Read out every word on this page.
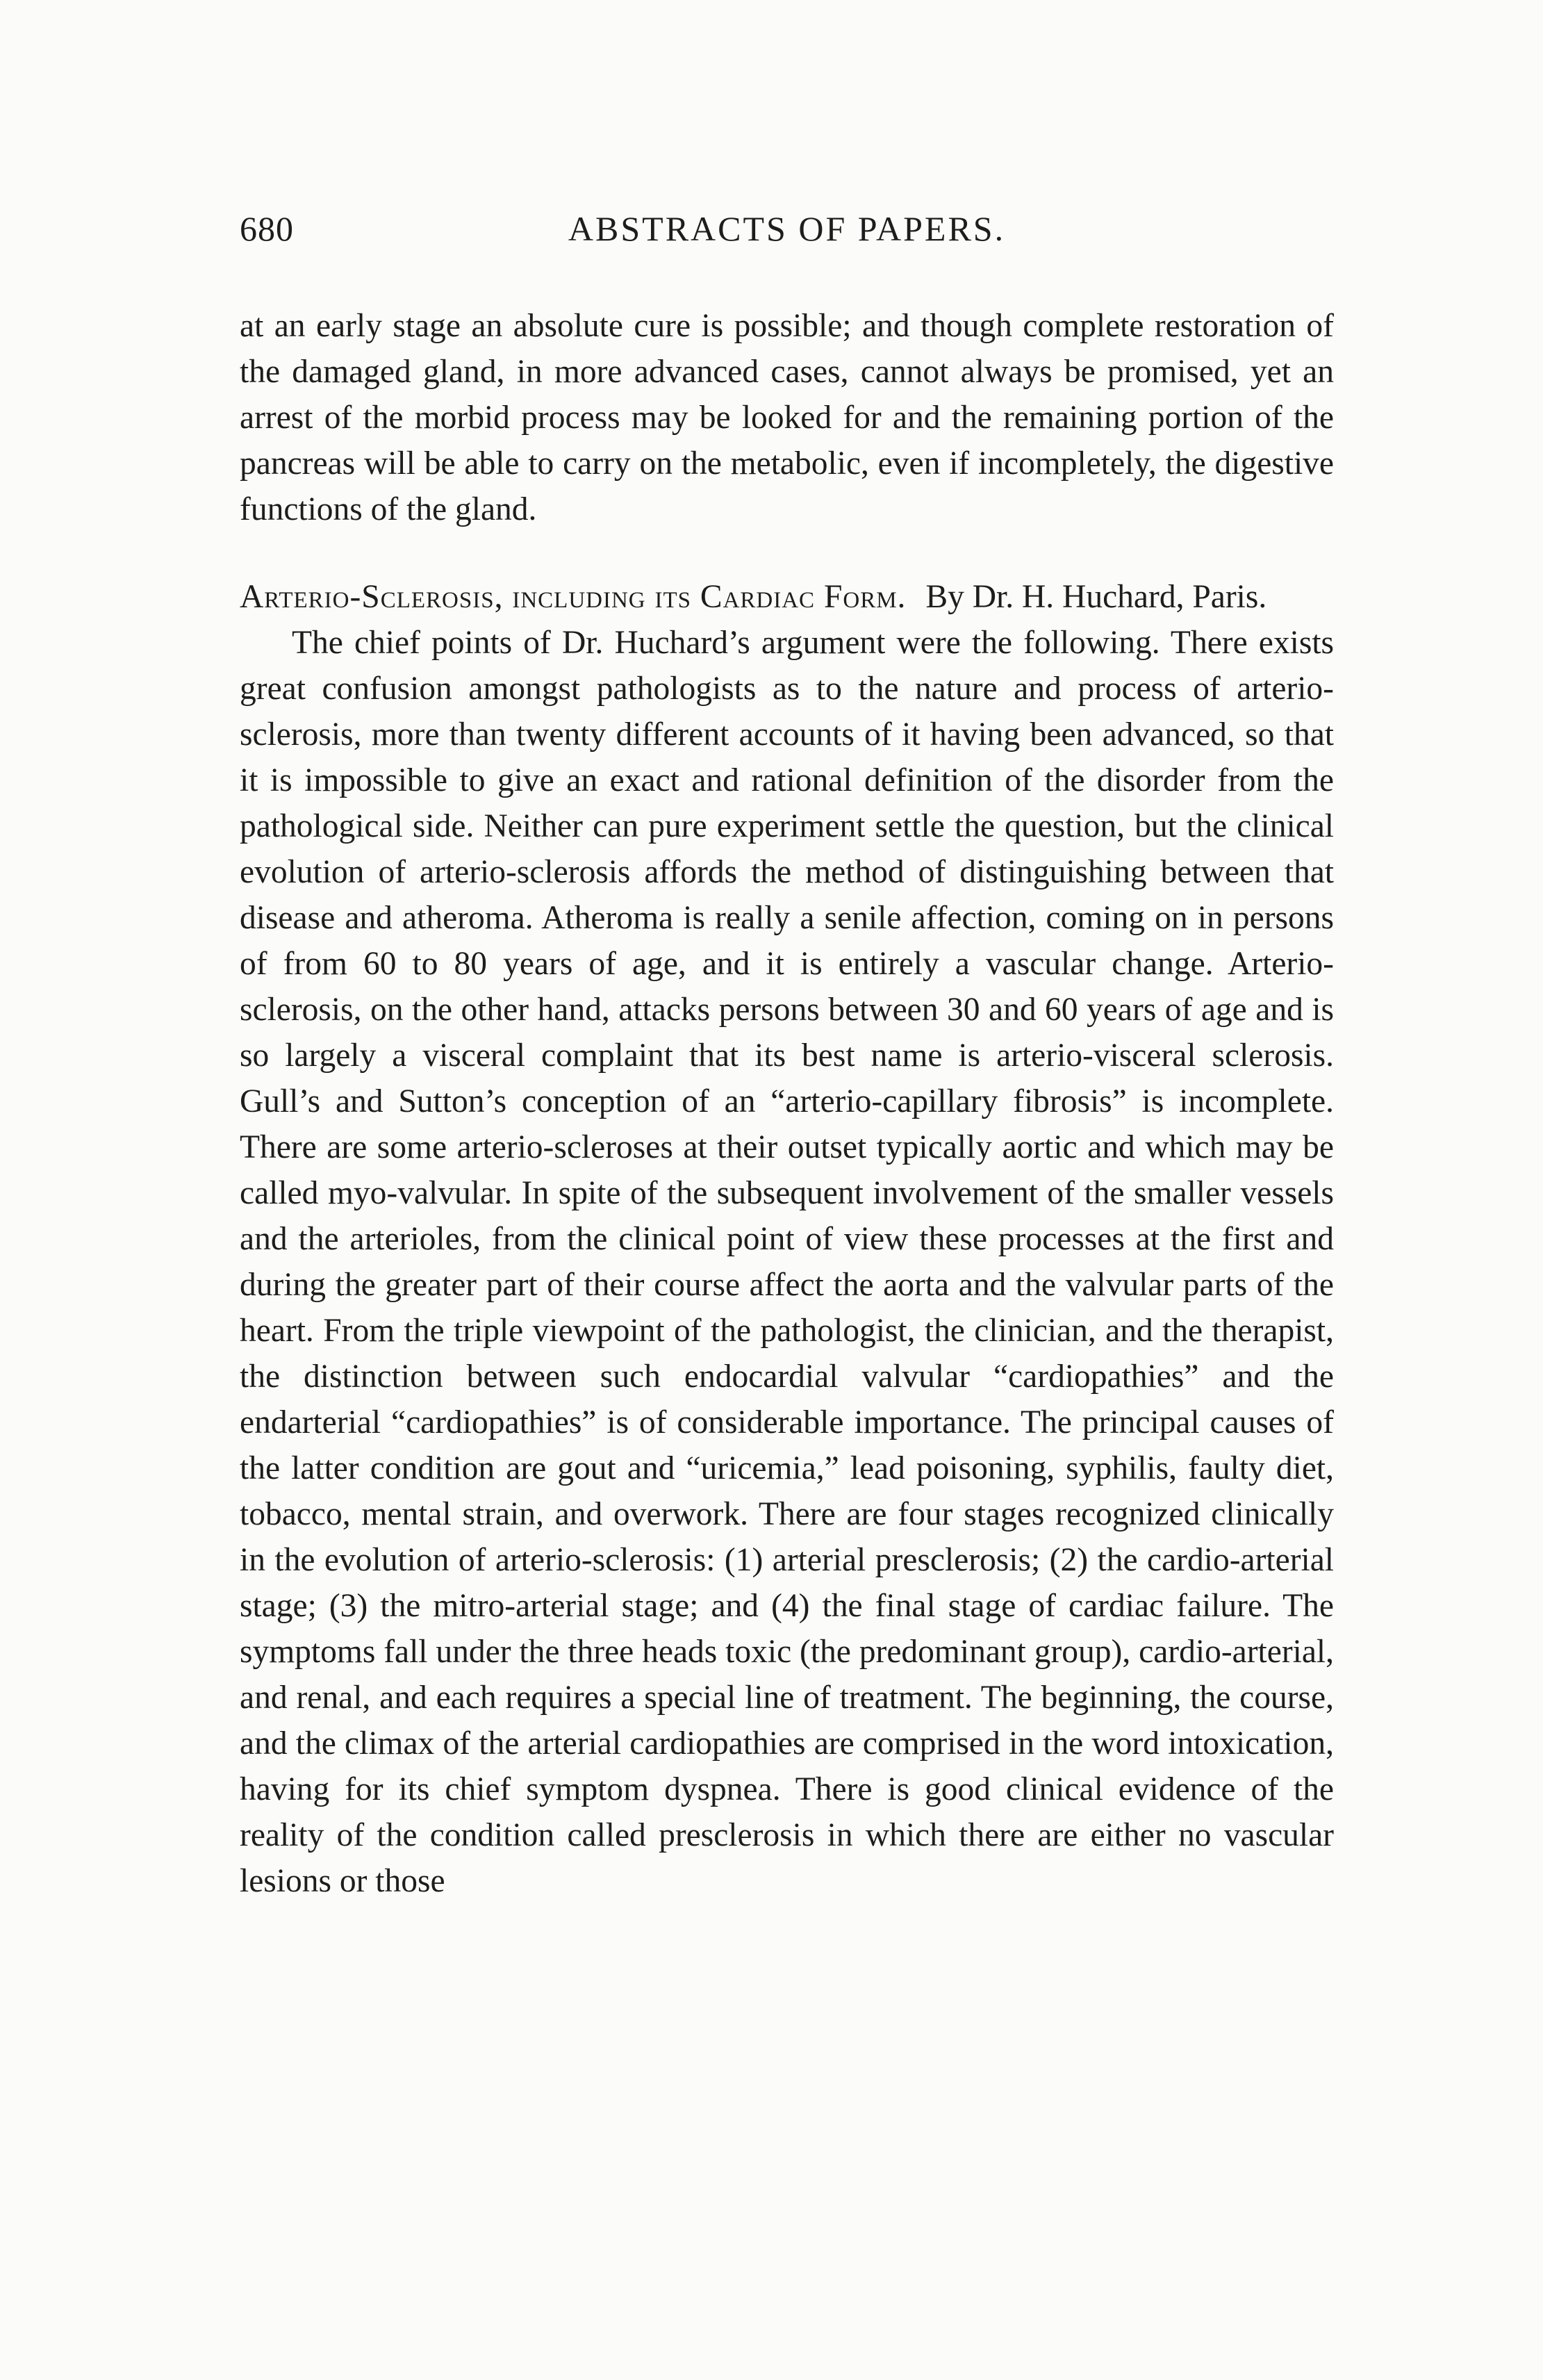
680	ABSTRACTS OF PAPERS.

at an early stage an absolute cure is possible; and though complete restoration of the damaged gland, in more advanced cases, cannot always be promised, yet an arrest of the morbid process may be looked for and the remaining portion of the pancreas will be able to carry on the metabolic, even if incompletely, the digestive functions of the gland.

Arterio-Sclerosis, including its Cardiac Form. By Dr. H. Huchard, Paris.

The chief points of Dr. Huchard’s argument were the following. There exists great confusion amongst pathologists as to the nature and process of arterio-sclerosis, more than twenty different accounts of it having been advanced, so that it is impossible to give an exact and rational definition of the disorder from the pathological side. Neither can pure experiment settle the question, but the clinical evolution of arterio-sclerosis affords the method of distinguishing between that disease and atheroma. Atheroma is really a senile affection, coming on in persons of from 60 to 80 years of age, and it is entirely a vascular change. Arterio-sclerosis, on the other hand, attacks persons between 30 and 60 years of age and is so largely a visceral complaint that its best name is arterio-visceral sclerosis. Gull’s and Sutton’s conception of an “arterio-capillary fibrosis” is incomplete. There are some arterio-scleroses at their outset typically aortic and which may be called myo-valvular. In spite of the subsequent involvement of the smaller vessels and the arterioles, from the clinical point of view these processes at the first and during the greater part of their course affect the aorta and the valvular parts of the heart. From the triple viewpoint of the pathologist, the clinician, and the therapist, the distinction between such endocardial valvular “cardiopathies” and the endarterial “cardiopathies” is of considerable importance. The principal causes of the latter condition are gout and “uricemia,” lead poisoning, syphilis, faulty diet, tobacco, mental strain, and overwork. There are four stages recognized clinically in the evolution of arterio-sclerosis: (1) arterial presclerosis; (2) the cardio-arterial stage; (3) the mitro-arterial stage; and (4) the final stage of cardiac failure. The symptoms fall under the three heads toxic (the predominant group), cardio-arterial, and renal, and each requires a special line of treatment. The beginning, the course, and the climax of the arterial cardiopathies are comprised in the word intoxication, having for its chief symptom dyspnea. There is good clinical evidence of the reality of the condition called presclerosis in which there are either no vascular lesions or those
